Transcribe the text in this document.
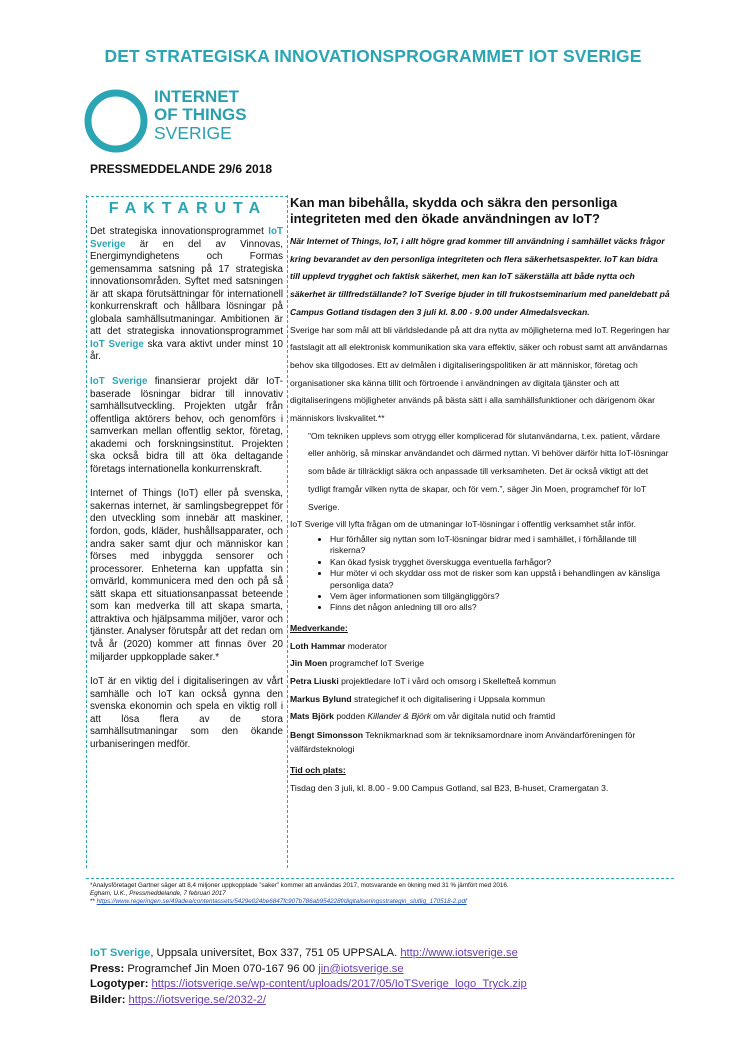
DET STRATEGISKA INNOVATIONSPROGRAMMET IOT SVERIGE
INTERNET
OF THINGS
SVERIGE
PRESSMEDDELANDE 29/6 2018
FAKTARUTA

Det strategiska innovationsprogrammet IoT Sverige är en del av Vinnovas, Energimyndighetens och Formas gemensamma satsning på 17 strategiska innovationsområden. Syftet med satsningen är att skapa förutsättningar för internationell konkurrenskraft och hållbara lösningar på globala samhällsutmaningar. Ambitionen är att det strategiska innovationsprogrammet IoT Sverige ska vara aktivt under minst 10 år.

IoT Sverige finansierar projekt där IoT-baserade lösningar bidrar till innovativ samhällsutveckling. Projekten utgår från offentliga aktörers behov, och genomförs i samverkan mellan offentlig sektor, företag, akademi och forskningsinstitut. Projekten ska också bidra till att öka deltagande företags internationella konkurrenskraft.

Internet of Things (IoT) eller på svenska, sakernas internet, är samlingsbegreppet för den utveckling som innebär att maskiner, fordon, gods, kläder, hushållsapparater, och andra saker samt djur och människor kan förses med inbyggda sensorer och processorer. Enheterna kan uppfatta sin omvärld, kommunicera med den och på så sätt skapa ett situationsanpassat beteende som kan medverka till att skapa smarta, attraktiva och hjälpsamma miljöer, varor och tjänster. Analyser förutspår att det redan om två år (2020) kommer att finnas över 20 miljarder uppkopplade saker.*

IoT är en viktig del i digitaliseringen av vårt samhälle och IoT kan också gynna den svenska ekonomin och spela en viktig roll i att lösa flera av de stora samhällsutmaningar som den ökande urbaniseringen medför.

Kan man bibehålla, skydda och säkra den personliga integriteten med den ökade användningen av IoT?

När Internet of Things, IoT, i allt högre grad kommer till användning i samhället väcks frågor kring bevarandet av den personliga integriteten och flera säkerhetsaspekter. IoT kan bidra till upplevd trygghet och faktisk säkerhet, men kan IoT säkerställa att både nytta och säkerhet är tillfredställande? IoT Sverige bjuder in till frukostseminarium med paneldebatt på Campus Gotland tisdagen den 3 juli kl. 8.00 - 9.00 under Almedalsveckan.

Sverige har som mål att bli världsledande på att dra nytta av möjligheterna med IoT. Regeringen har fastslagit att all elektronisk kommunikation ska vara effektiv, säker och robust samt att användarnas behov ska tillgodoses. Ett av delmålen i digitaliseringspolitiken är att människor, företag och organisationer ska känna tillit och förtroende i användningen av digitala tjänster och att digitaliseringens möjligheter används på bästa sätt i alla samhällsfunktioner och därigenom ökar människors livskvalitet.**

”Om tekniken upplevs som otrygg eller komplicerad för slutanvändarna, t.ex. patient, vårdare eller anhörig, så minskar användandet och därmed nyttan. Vi behöver därför hitta IoT-lösningar som både är tillräckligt säkra och anpassade till verksamheten. Det är också viktigt att det tydligt framgår vilken nytta de skapar, och för vem.”, säger Jin Moen, programchef för IoT Sverige.

IoT Sverige vill lyfta frågan om de utmaningar IoT-lösningar i offentlig verksamhet står inför.

• Hur förhåller sig nyttan som IoT-lösningar bidrar med i samhället, i förhållande till riskerna?
• Kan ökad fysisk trygghet överskugga eventuella farhågor?
• Hur möter vi och skyddar oss mot de risker som kan uppstå i behandlingen av känsliga personliga data?
• Vem äger informationen som tillgängliggörs?
• Finns det någon anledning till oro alls?

Medverkande:

Loth Hammar moderator

Jin Moen programchef IoT Sverige

Petra Liuski projektledare IoT i vård och omsorg i Skellefteå kommun

Markus Bylund strategichef it och digitalisering i Uppsala kommun

Mats Björk podden Killander & Björk om vår digitala nutid och framtid

Bengt Simonsson Teknikmarknad som är tekniksamordnare inom Användarföreningen för välfärdsteknologi

Tid och plats:

Tisdag den 3 juli, kl. 8.00 - 9.00 Campus Gotland, sal B23, B-huset, Cramergatan 3.

*Analysföretaget Gartner säger att 8,4 miljoner uppkopplade ”saker” kommer att användas 2017, motsvarande en ökning med 31 % jämfört med 2016.
Egham, U.K., Pressmeddelande, 7 februari 2017
** https://www.regeringen.se/49adea/contentassets/5429e024be6847fc907b786ab954228f/digitaliseringsstrategin_slutlig_170518-2.pdf
IoT Sverige, Uppsala universitet, Box 337, 751 05 UPPSALA. http://www.iotsverige.se
Press: Programchef Jin Moen 070-167 96 00 jin@iotsverige.se
Logotyper: https://iotsverige.se/wp-content/uploads/2017/05/IoTSverige_logo_Tryck.zip
Bilder: https://iotsverige.se/2032-2/
